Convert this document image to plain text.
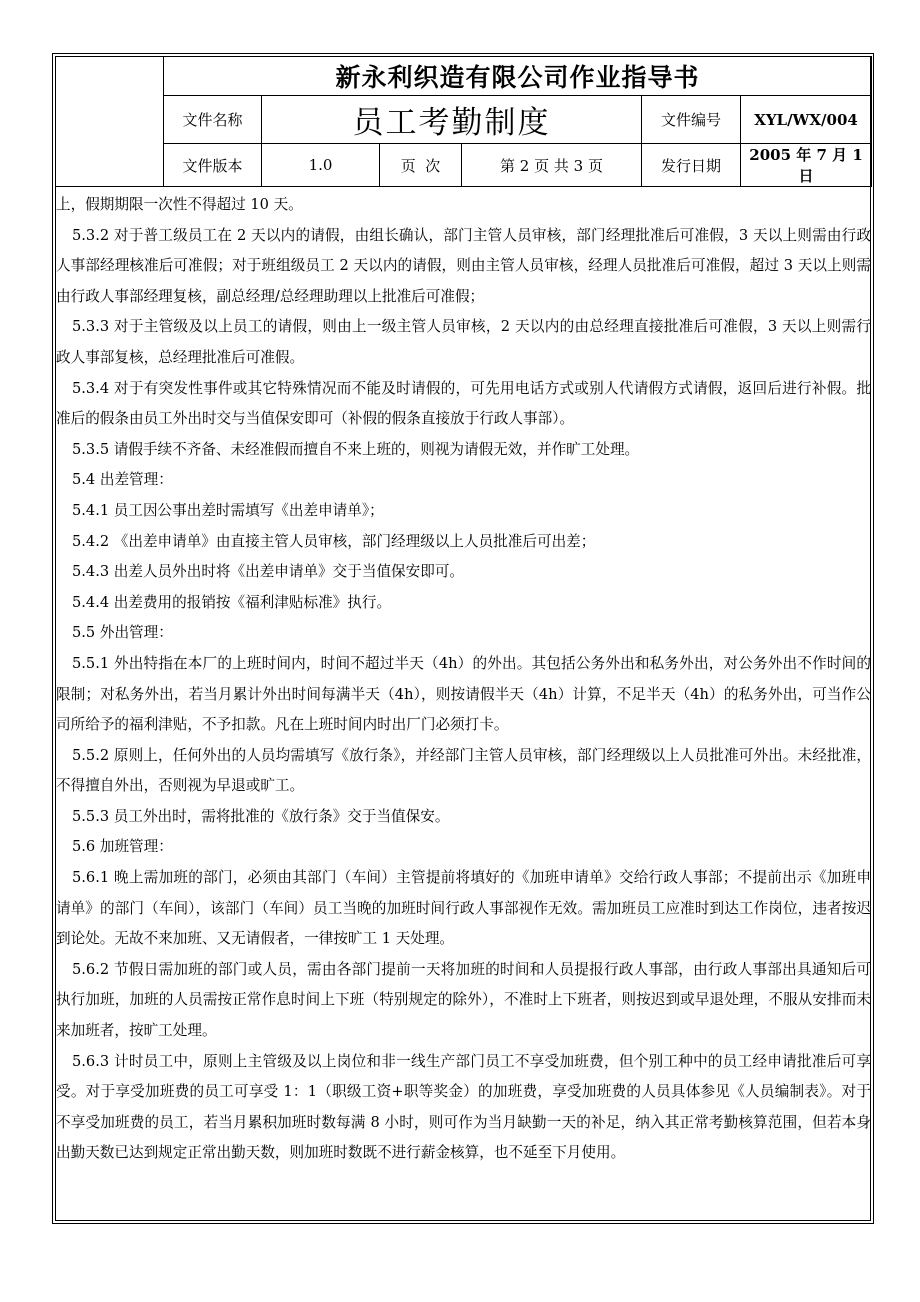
	新永利织造有限公司作业指导书					
	文件名称	员工考勤制度			文件编号	XYL/WX/004
	文件版本	1.0	页  次	第 2 页 共 3 页	发行日期	2005 年 7 月 1 日

上，假期期限一次性不得超过 10 天。

5.3.2 对于普工级员工在 2 天以内的请假，由组长确认，部门主管人员审核，部门经理批准后可准假，3 天以上则需由行政人事部经理核准后可准假；对于班组级员工 2 天以内的请假，则由主管人员审核，经理人员批准后可准假，超过 3 天以上则需由行政人事部经理复核，副总经理/总经理助理以上批准后可准假；

5.3.3 对于主管级及以上员工的请假，则由上一级主管人员审核，2 天以内的由总经理直接批准后可准假，3 天以上则需行政人事部复核，总经理批准后可准假。

5.3.4 对于有突发性事件或其它特殊情况而不能及时请假的，可先用电话方式或别人代请假方式请假，返回后进行补假。批准后的假条由员工外出时交与当值保安即可（补假的假条直接放于行政人事部）。

5.3.5 请假手续不齐备、未经准假而擅自不来上班的，则视为请假无效，并作旷工处理。

5.4 出差管理：

5.4.1 员工因公事出差时需填写《出差申请单》；

5.4.2 《出差申请单》由直接主管人员审核，部门经理级以上人员批准后可出差；

5.4.3 出差人员外出时将《出差申请单》交于当值保安即可。

5.4.4 出差费用的报销按《福利津贴标准》执行。

5.5 外出管理：

5.5.1 外出特指在本厂的上班时间内，时间不超过半天（4h）的外出。其包括公务外出和私务外出，对公务外出不作时间的限制；对私务外出，若当月累计外出时间每满半天（4h），则按请假半天（4h）计算，不足半天（4h）的私务外出，可当作公司所给予的福利津贴，不予扣款。凡在上班时间内时出厂门必须打卡。

5.5.2 原则上，任何外出的人员均需填写《放行条》，并经部门主管人员审核，部门经理级以上人员批准可外出。未经批准，不得擅自外出，否则视为早退或旷工。

5.5.3 员工外出时，需将批准的《放行条》交于当值保安。

5.6 加班管理：

5.6.1 晚上需加班的部门，必须由其部门（车间）主管提前将填好的《加班申请单》交给行政人事部；不提前出示《加班申请单》的部门（车间），该部门（车间）员工当晚的加班时间行政人事部视作无效。需加班员工应准时到达工作岗位，违者按迟到论处。无故不来加班、又无请假者，一律按旷工 1 天处理。

5.6.2 节假日需加班的部门或人员，需由各部门提前一天将加班的时间和人员提报行政人事部，由行政人事部出具通知后可执行加班，加班的人员需按正常作息时间上下班（特别规定的除外），不准时上下班者，则按迟到或早退处理，不服从安排而未来加班者，按旷工处理。

5.6.3 计时员工中，原则上主管级及以上岗位和非一线生产部门员工不享受加班费，但个别工种中的员工经申请批准后可享受。对于享受加班费的员工可享受 1：1（职级工资+职等奖金）的加班费，享受加班费的人员具体参见《人员编制表》。对于不享受加班费的员工，若当月累积加班时数每满 8 小时，则可作为当月缺勤一天的补足，纳入其正常考勤核算范围，但若本身出勤天数已达到规定正常出勤天数，则加班时数既不进行薪金核算，也不延至下月使用。
